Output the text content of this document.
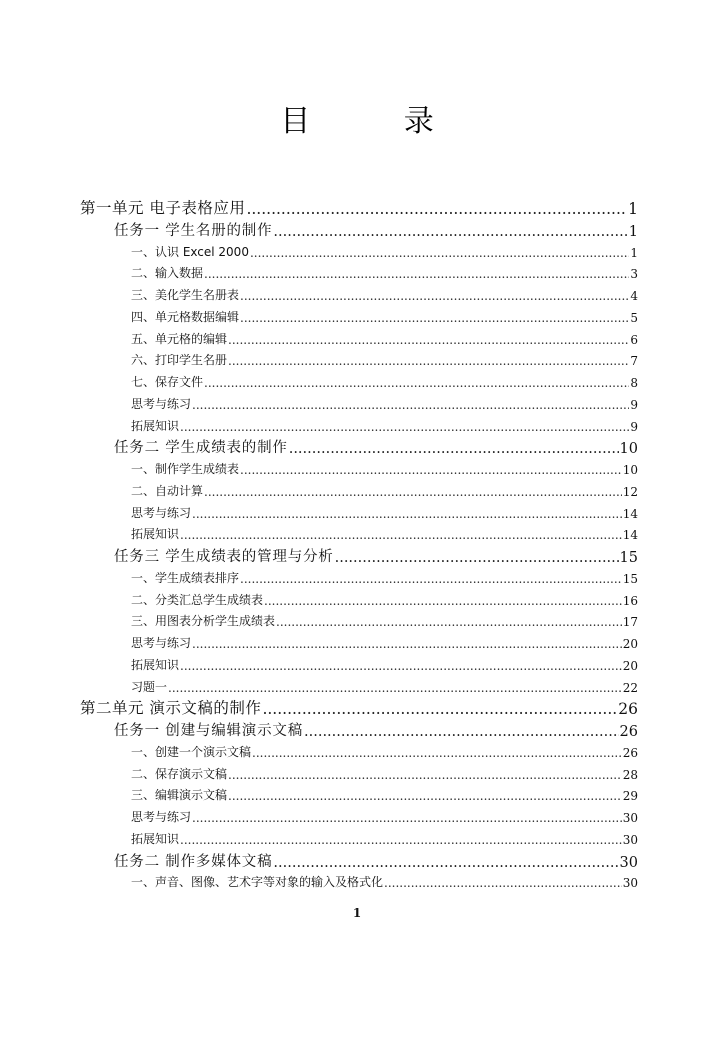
目 录
第一单元 电子表格应用 .....	1
任务一 学生名册的制作 .....	1
一、认识 Excel 2000 .....	1
二、输入数据 .....	3
三、美化学生名册表 .....	4
四、单元格数据编辑 .....	5
五、单元格的编辑 .....	6
六、打印学生名册 .....	7
七、保存文件 .....	8
思考与练习 .....	9
拓展知识 .....	9
任务二 学生成绩表的制作 .....	10
一、制作学生成绩表 .....	10
二、自动计算 .....	12
思考与练习 .....	14
拓展知识 .....	14
任务三 学生成绩表的管理与分析 .....	15
一、学生成绩表排序 .....	15
二、分类汇总学生成绩表 .....	16
三、用图表分析学生成绩表 .....	17
思考与练习 .....	20
拓展知识 .....	20
习题一 .....	22
第二单元 演示文稿的制作 .....	26
任务一 创建与编辑演示文稿 .....	26
一、创建一个演示文稿 .....	26
二、保存演示文稿 .....	28
三、编辑演示文稿 .....	29
思考与练习 .....	30
拓展知识 .....	30
任务二 制作多媒体文稿 .....	30
一、声音、图像、艺术字等对象的输入及格式化 .....	30
1
